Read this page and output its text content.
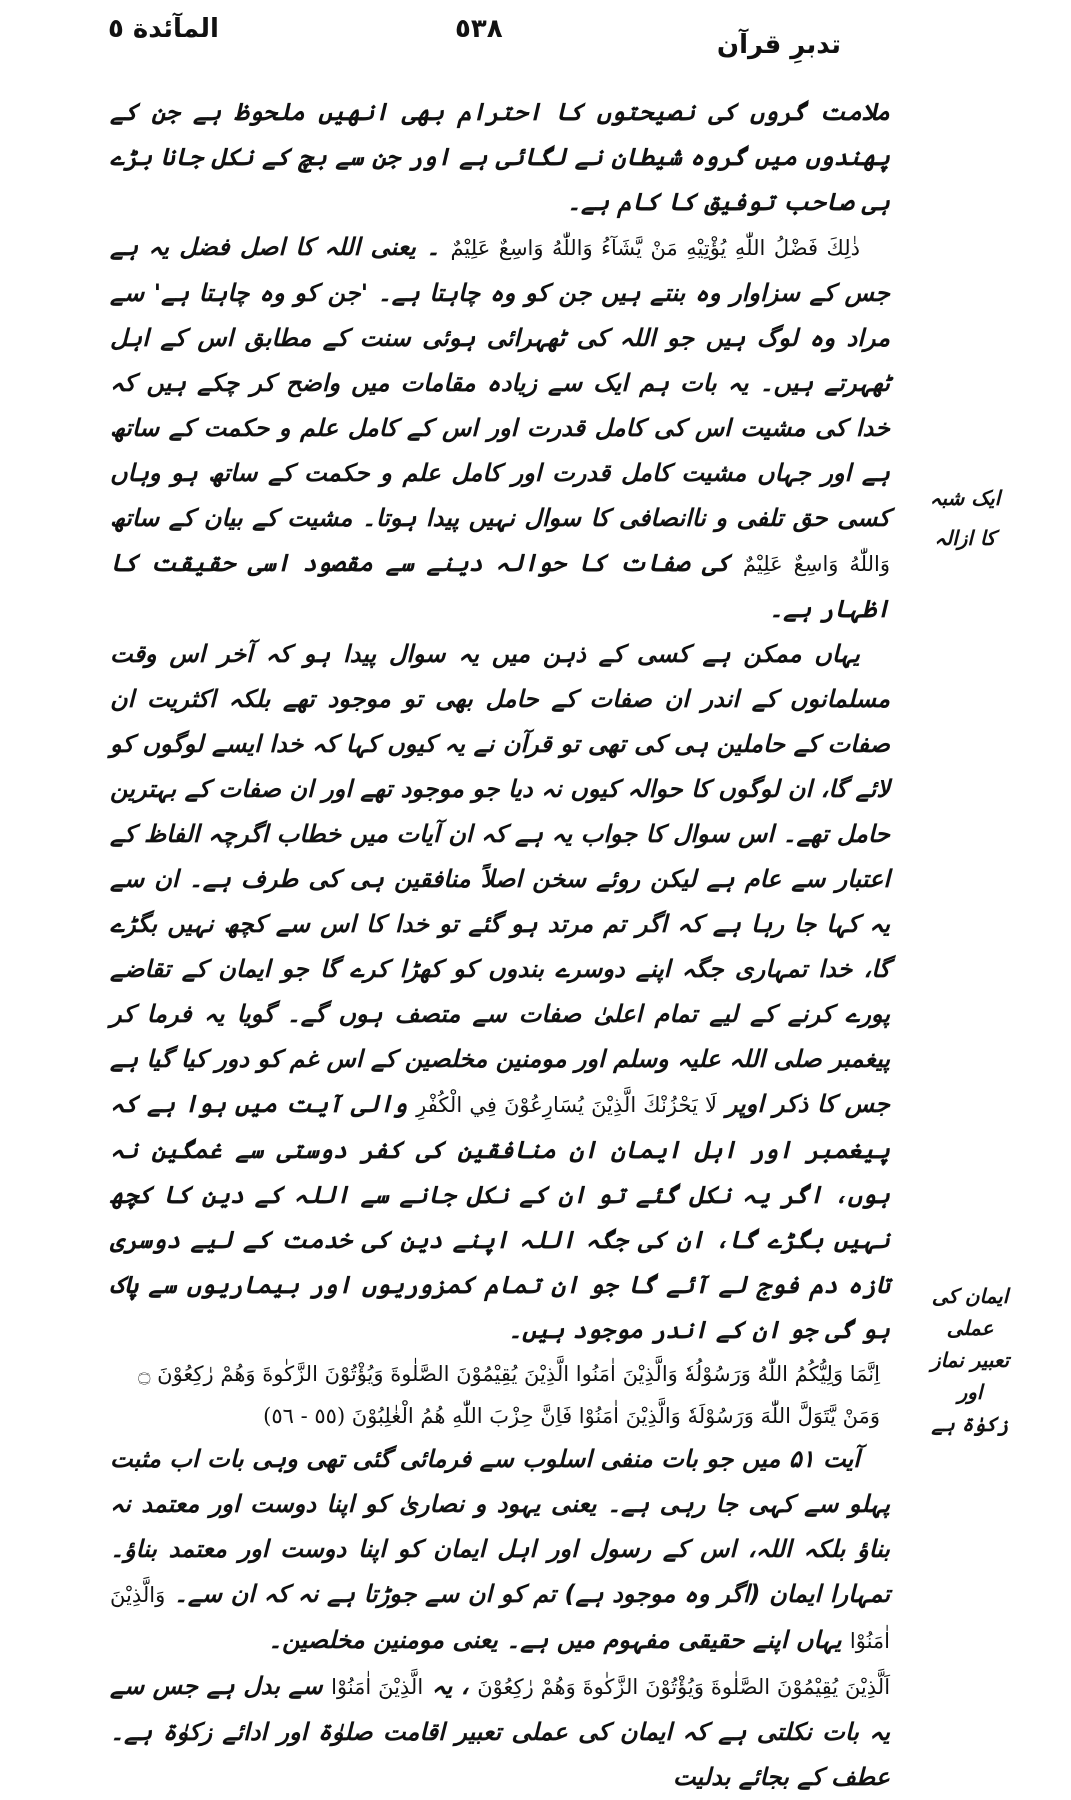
المآئدة ٥	٥٣٨
تدبرِ قرآن

ملامت گروں کی نصیحتوں کا احترام بھی انھیں ملحوظ ہے جن کے پھندوں میں گروہ شیطان نے لگائی ہے اور جن سے بچ کے نکل جانا بڑے ہی صاحب توفیق کا کام ہے۔

ذٰلِكَ فَضْلُ اللّٰهِ يُؤْتِيْهِ مَنْ يَّشَآءُ وَاللّٰهُ وَاسِعٌ عَلِيْمٌ ۔ یعنی اللہ کا اصل فضل یہ ہے جس کے سزاوار وہ بنتے ہیں جن کو وہ چاہتا ہے۔ 'جن کو وہ چاہتا ہے' سے مراد وہ لوگ ہیں جو اللہ کی ٹھہرائی ہوئی سنت کے مطابق اس کے اہل ٹھہرتے ہیں۔ یہ بات ہم ایک سے زیادہ مقامات میں واضح کر چکے ہیں کہ خدا کی مشیت اس کی کامل قدرت اور اس کے کامل علم و حکمت کے ساتھ ہے اور جہاں مشیت کامل قدرت اور کامل علم و حکمت کے ساتھ ہو وہاں کسی حق تلفی و ناانصافی کا سوال نہیں پیدا ہوتا۔ مشیت کے بیان کے ساتھ وَاللّٰهُ وَاسِعٌ عَلِيْمٌ کی صفات کا حوالہ دینے سے مقصود اسی حقیقت کا اظہار ہے۔

یہاں ممکن ہے کسی کے ذہن میں یہ سوال پیدا ہو کہ آخر اس وقت مسلمانوں کے اندر ان صفات کے حامل بھی تو موجود تھے بلکہ اکثریت ان صفات کے حاملین ہی کی تھی تو قرآن نے یہ کیوں کہا کہ خدا ایسے لوگوں کو لائے گا، ان لوگوں کا حوالہ کیوں نہ دیا جو موجود تھے اور ان صفات کے بہترین حامل تھے۔ اس سوال کا جواب یہ ہے کہ ان آیات میں خطاب اگرچہ الفاظ کے اعتبار سے عام ہے لیکن روئے سخن اصلاً منافقین ہی کی طرف ہے۔ ان سے یہ کہا جا رہا ہے کہ اگر تم مرتد ہو گئے تو خدا کا اس سے کچھ نہیں بگڑے گا، خدا تمہاری جگہ اپنے دوسرے بندوں کو کھڑا کرے گا جو ایمان کے تقاضے پورے کرنے کے لیے تمام اعلیٰ صفات سے متصف ہوں گے۔ گویا یہ فرما کر پیغمبر صلی اللہ علیہ وسلم اور مومنین مخلصین کے اس غم کو دور کیا گیا ہے جس کا ذکر اوپر لَا يَحْزُنْكَ الَّذِيْنَ يُسَارِعُوْنَ فِي الْكُفْرِ والی آیت میں ہوا ہے کہ پیغمبر اور اہل ایمان ان منافقین کی کفر دوستی سے غمگین نہ ہوں، اگر یہ نکل گئے تو ان کے نکل جانے سے اللہ کے دین کا کچھ نہیں بگڑے گا، ان کی جگہ اللہ اپنے دین کی خدمت کے لیے دوسری تازہ دم فوج لے آئے گا جو ان تمام کمزوریوں اور بیماریوں سے پاک ہو گی جو ان کے اندر موجود ہیں۔

اِنَّمَا وَلِيُّكُمُ اللّٰهُ وَرَسُوْلُهٗ وَالَّذِيْنَ اٰمَنُوا الَّذِيْنَ يُقِيْمُوْنَ الصَّلٰوةَ وَيُؤْتُوْنَ الزَّكٰوةَ وَهُمْ رٰكِعُوْنَ ۝
وَمَنْ يَّتَوَلَّ اللّٰهَ وَرَسُوْلَهٗ وَالَّذِيْنَ اٰمَنُوْا فَاِنَّ حِزْبَ اللّٰهِ هُمُ الْغٰلِبُوْنَ (٥٥ - ٥٦)

آیت ۵۱ میں جو بات منفی اسلوب سے فرمائی گئی تھی وہی بات اب مثبت پہلو سے کہی جا رہی ہے۔ یعنی یہود و نصاریٰ کو اپنا دوست اور معتمد نہ بناؤ بلکہ اللہ، اس کے رسول اور اہل ایمان کو اپنا دوست اور معتمد بناؤ۔ تمہارا ایمان (اگر وہ موجود ہے) تم کو ان سے جوڑتا ہے نہ کہ ان سے۔ وَالَّذِيْنَ اٰمَنُوْا یہاں اپنے حقیقی مفہوم میں ہے۔ یعنی مومنین مخلصین۔

اَلَّذِيْنَ يُقِيْمُوْنَ الصَّلٰوةَ وَيُؤْتُوْنَ الزَّكٰوةَ وَهُمْ رٰكِعُوْنَ ، یہ الَّذِيْنَ اٰمَنُوْا سے بدل ہے جس سے یہ بات نکلتی ہے کہ ایمان کی عملی تعبیر اقامت صلوٰۃ اور ادائے زکوٰۃ ہے۔ عطف کے بجائے بدلیت

ایک شبہ
کا ازالہ
ایمان کی عملی
تعبیر نماز اور
زکوٰۃ ہے
